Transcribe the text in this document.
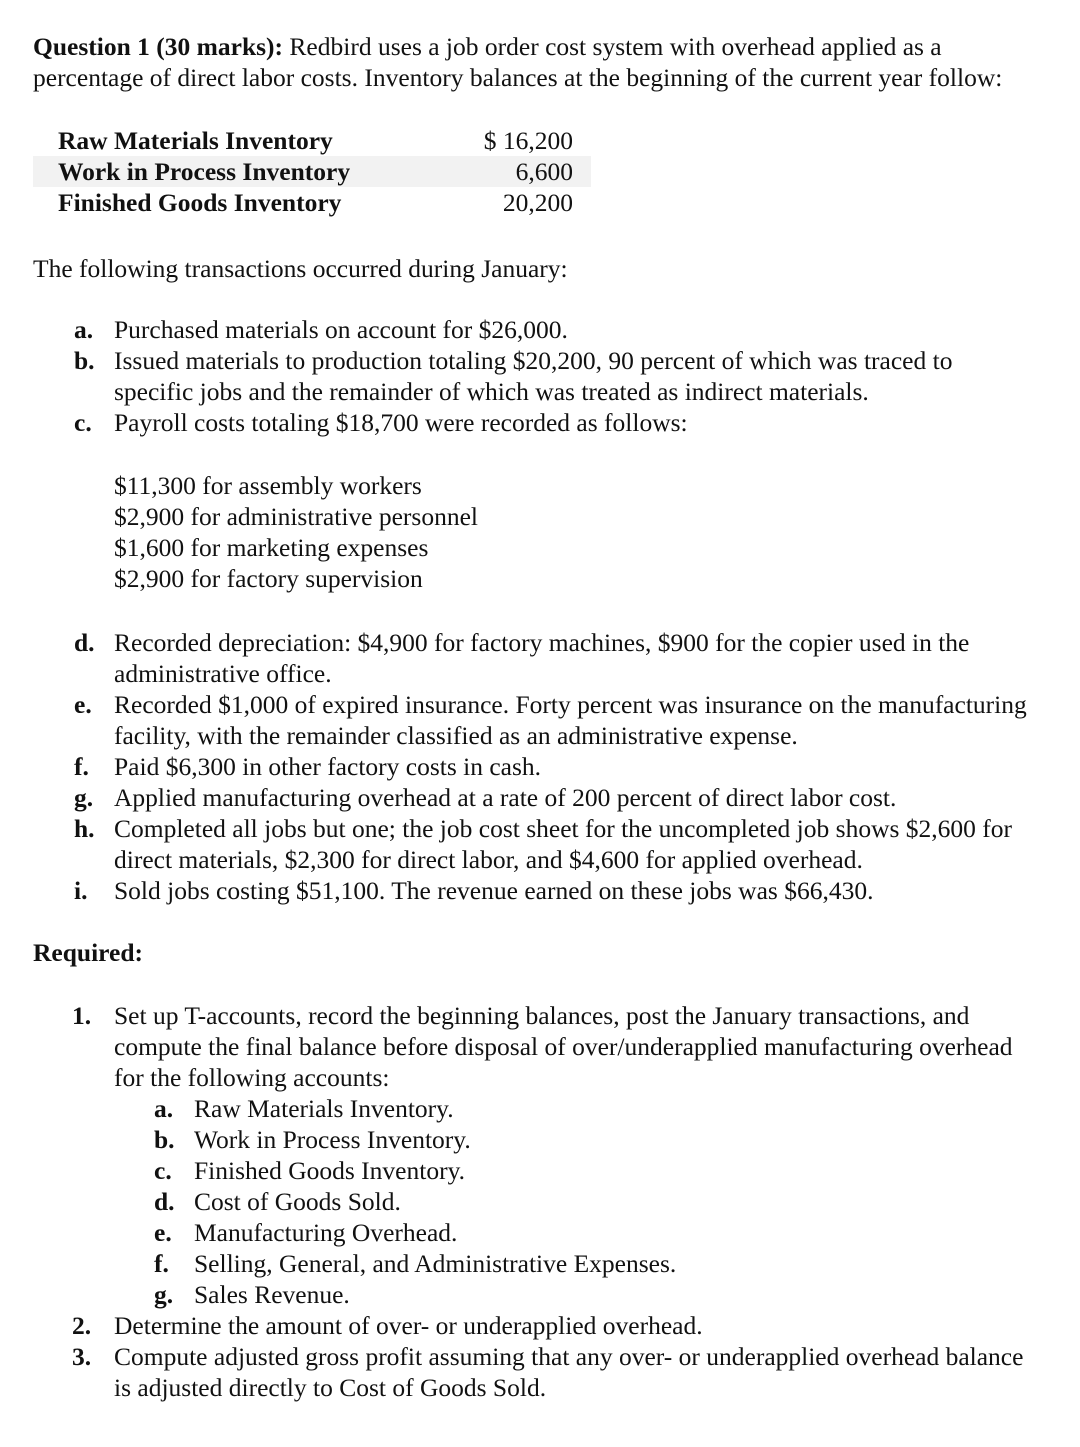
Question 1 (30 marks): Redbird uses a job order cost system with overhead applied as a percentage of direct labor costs. Inventory balances at the beginning of the current year follow:
Raw Materials Inventory	$ 16,200
Work in Process Inventory	6,600
Finished Goods Inventory	20,200
The following transactions occurred during January:
a. Purchased materials on account for $26,000.
b. Issued materials to production totaling $20,200, 90 percent of which was traced to specific jobs and the remainder of which was treated as indirect materials.
c. Payroll costs totaling $18,700 were recorded as follows:
$11,300 for assembly workers
$2,900 for administrative personnel
$1,600 for marketing expenses
$2,900 for factory supervision
d. Recorded depreciation: $4,900 for factory machines, $900 for the copier used in the administrative office.
e. Recorded $1,000 of expired insurance. Forty percent was insurance on the manufacturing facility, with the remainder classified as an administrative expense.
f. Paid $6,300 in other factory costs in cash.
g. Applied manufacturing overhead at a rate of 200 percent of direct labor cost.
h. Completed all jobs but one; the job cost sheet for the uncompleted job shows $2,600 for direct materials, $2,300 for direct labor, and $4,600 for applied overhead.
i. Sold jobs costing $51,100. The revenue earned on these jobs was $66,430.
Required:
1. Set up T-accounts, record the beginning balances, post the January transactions, and compute the final balance before disposal of over/underapplied manufacturing overhead for the following accounts:
a. Raw Materials Inventory.
b. Work in Process Inventory.
c. Finished Goods Inventory.
d. Cost of Goods Sold.
e. Manufacturing Overhead.
f. Selling, General, and Administrative Expenses.
g. Sales Revenue.
2. Determine the amount of over- or underapplied overhead.
3. Compute adjusted gross profit assuming that any over- or underapplied overhead balance is adjusted directly to Cost of Goods Sold.
